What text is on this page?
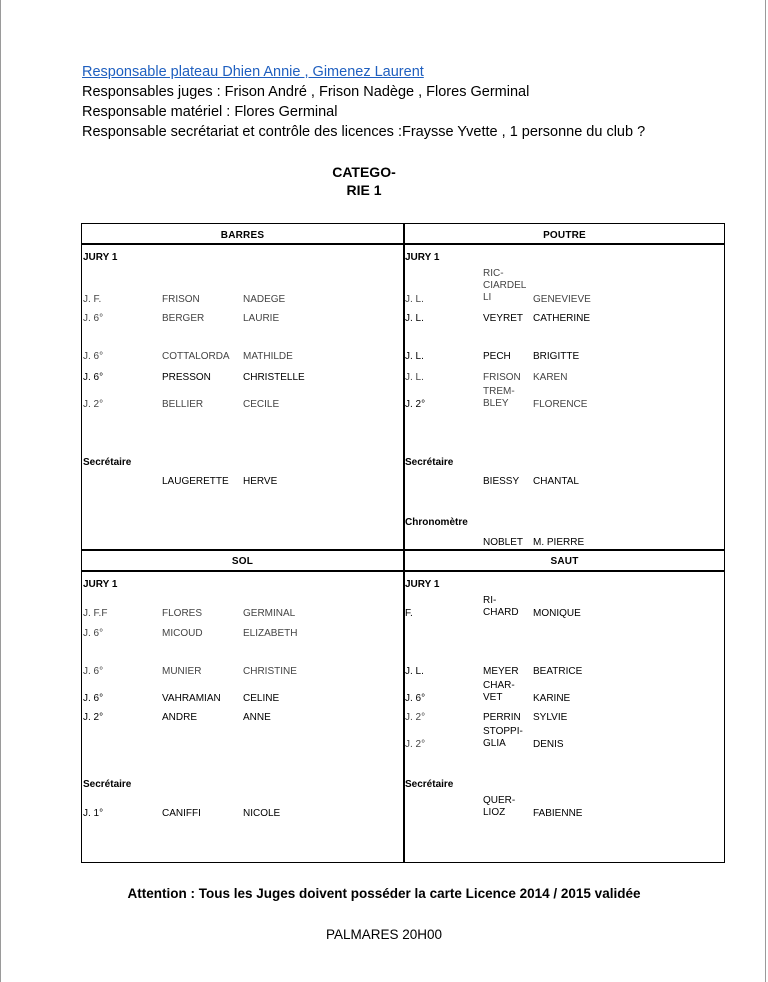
Responsable plateau Dhien Annie , Gimenez Laurent
Responsables juges : Frison André , Frison Nadège , Flores Germinal
Responsable matériel : Flores Germinal
Responsable secrétariat et contrôle des licences :Fraysse Yvette , 1 personne du club ?
CATEGO-
RIE 1
BARRES	POUTRE
SOL	SAUT
JURY 1
J. F.	FRISON	NADEGE
J. 6°	BERGER	LAURIE
J. 6°	COTTALORDA MATHILDE
J. 6°	PRESSON	CHRISTELLE
J. 2°	BELLIER	CECILE
Secrétaire
LAUGERETTE HERVE
JURY 1
J. L.
RIC-
CIARDEL
LI	GENEVIEVE
J. L.	VEYRET CATHERINE
J. L.	PECH BRIGITTE
J. L.	FRISON KAREN
J. 2°
TREM-
BLEY	FLORENCE
Secrétaire
BIESSY CHANTAL
Chronomètre
NOBLET M. PIERRE
JURY 1
J. F.F	FLORES	GERMINAL
J. 6°	MICOUD	ELIZABETH
J. 6°	MUNIER	CHRISTINE
J. 6°	VAHRAMIAN CELINE
J. 2°	ANDRE	ANNE
Secrétaire
J. 1°	CANIFFI	NICOLE
JURY 1
F.
RI-
CHARD MONIQUE
J. L.	MEYER BEATRICE
J. 6°
CHAR-
VET	KARINE
J. 2°	PERRIN SYLVIE
J. 2°
STOPPI-
GLIA	DENIS
Secrétaire
QUER-
LIOZ	FABIENNE
Attention : Tous les Juges doivent posséder la carte Licence 2014 / 2015 validée
PALMARES 20H00
